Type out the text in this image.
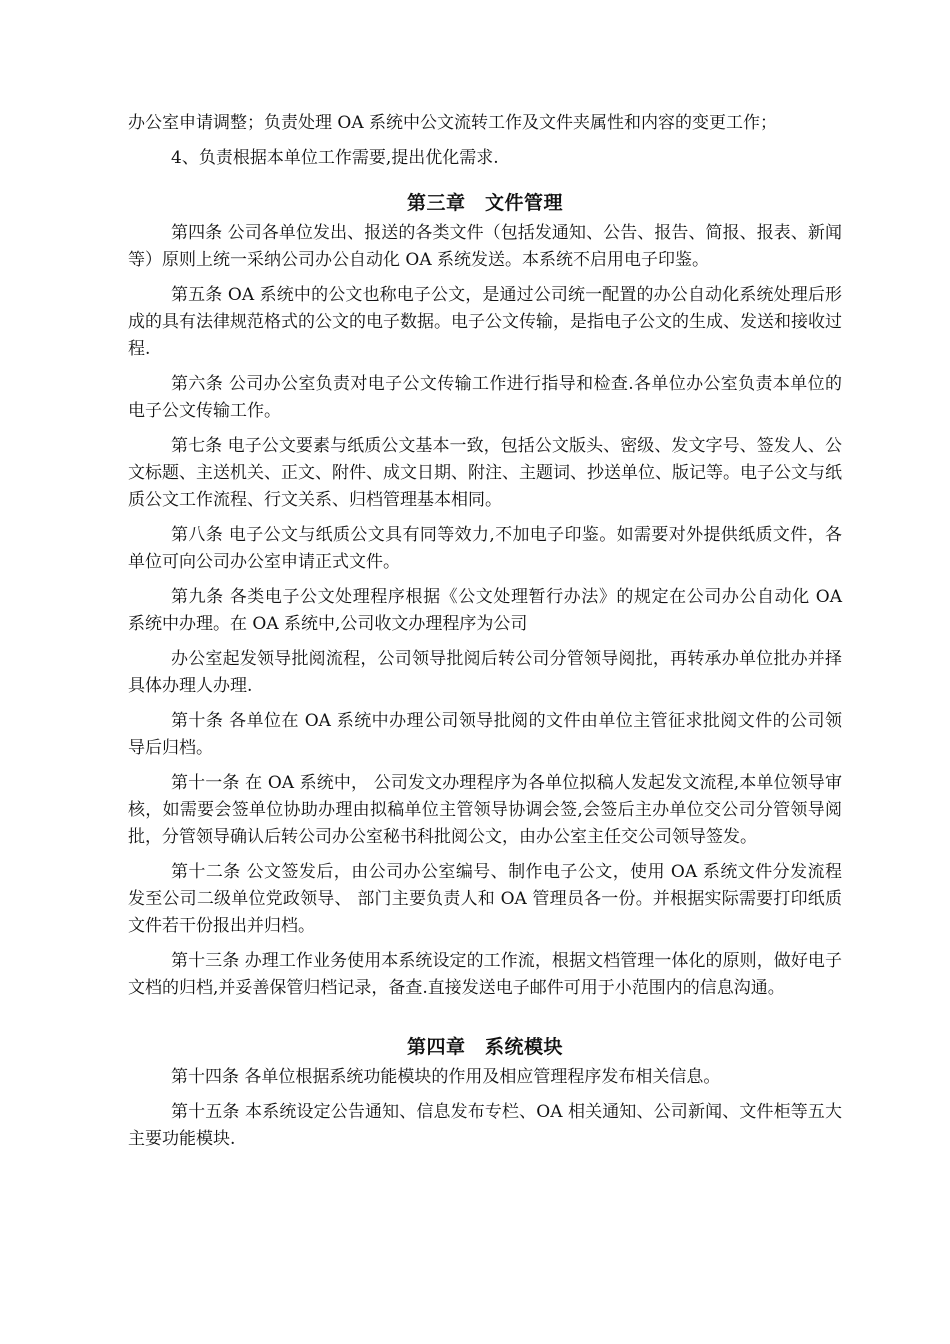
办公室申请调整；负责处理 OA 系统中公文流转工作及文件夹属性和内容的变更工作；

4、负责根据本单位工作需要,提出优化需求.

第三章　文件管理

第四条 公司各单位发出、报送的各类文件（包括发通知、公告、报告、简报、报表、新闻等）原则上统一采纳公司办公自动化 OA 系统发送。本系统不启用电子印鉴。

第五条 OA 系统中的公文也称电子公文，是通过公司统一配置的办公自动化系统处理后形成的具有法律规范格式的公文的电子数据。电子公文传输，是指电子公文的生成、发送和接收过程.

第六条 公司办公室负责对电子公文传输工作进行指导和检查.各单位办公室负责本单位的电子公文传输工作。

第七条 电子公文要素与纸质公文基本一致，包括公文版头、密级、发文字号、签发人、公文标题、主送机关、正文、附件、成文日期、附注、主题词、抄送单位、版记等。电子公文与纸质公文工作流程、行文关系、归档管理基本相同。

第八条 电子公文与纸质公文具有同等效力,不加电子印鉴。如需要对外提供纸质文件，各单位可向公司办公室申请正式文件。

第九条 各类电子公文处理程序根据《公文处理暂行办法》的规定在公司办公自动化 OA 系统中办理。在 OA 系统中,公司收文办理程序为公司

办公室起发领导批阅流程，公司领导批阅后转公司分管领导阅批，再转承办单位批办并择具体办理人办理.

第十条 各单位在 OA 系统中办理公司领导批阅的文件由单位主管征求批阅文件的公司领导后归档。

第十一条 在 OA 系统中， 公司发文办理程序为各单位拟稿人发起发文流程,本单位领导审核，如需要会签单位协助办理由拟稿单位主管领导协调会签,会签后主办单位交公司分管领导阅批，分管领导确认后转公司办公室秘书科批阅公文，由办公室主任交公司领导签发。

第十二条 公文签发后，由公司办公室编号、制作电子公文，使用 OA 系统文件分发流程发至公司二级单位党政领导、 部门主要负责人和 OA 管理员各一份。并根据实际需要打印纸质文件若干份报出并归档。

第十三条 办理工作业务使用本系统设定的工作流，根据文档管理一体化的原则，做好电子文档的归档,并妥善保管归档记录，备查.直接发送电子邮件可用于小范围内的信息沟通。

第四章　系统模块

第十四条 各单位根据系统功能模块的作用及相应管理程序发布相关信息。

第十五条 本系统设定公告通知、信息发布专栏、OA 相关通知、公司新闻、文件柜等五大主要功能模块.
